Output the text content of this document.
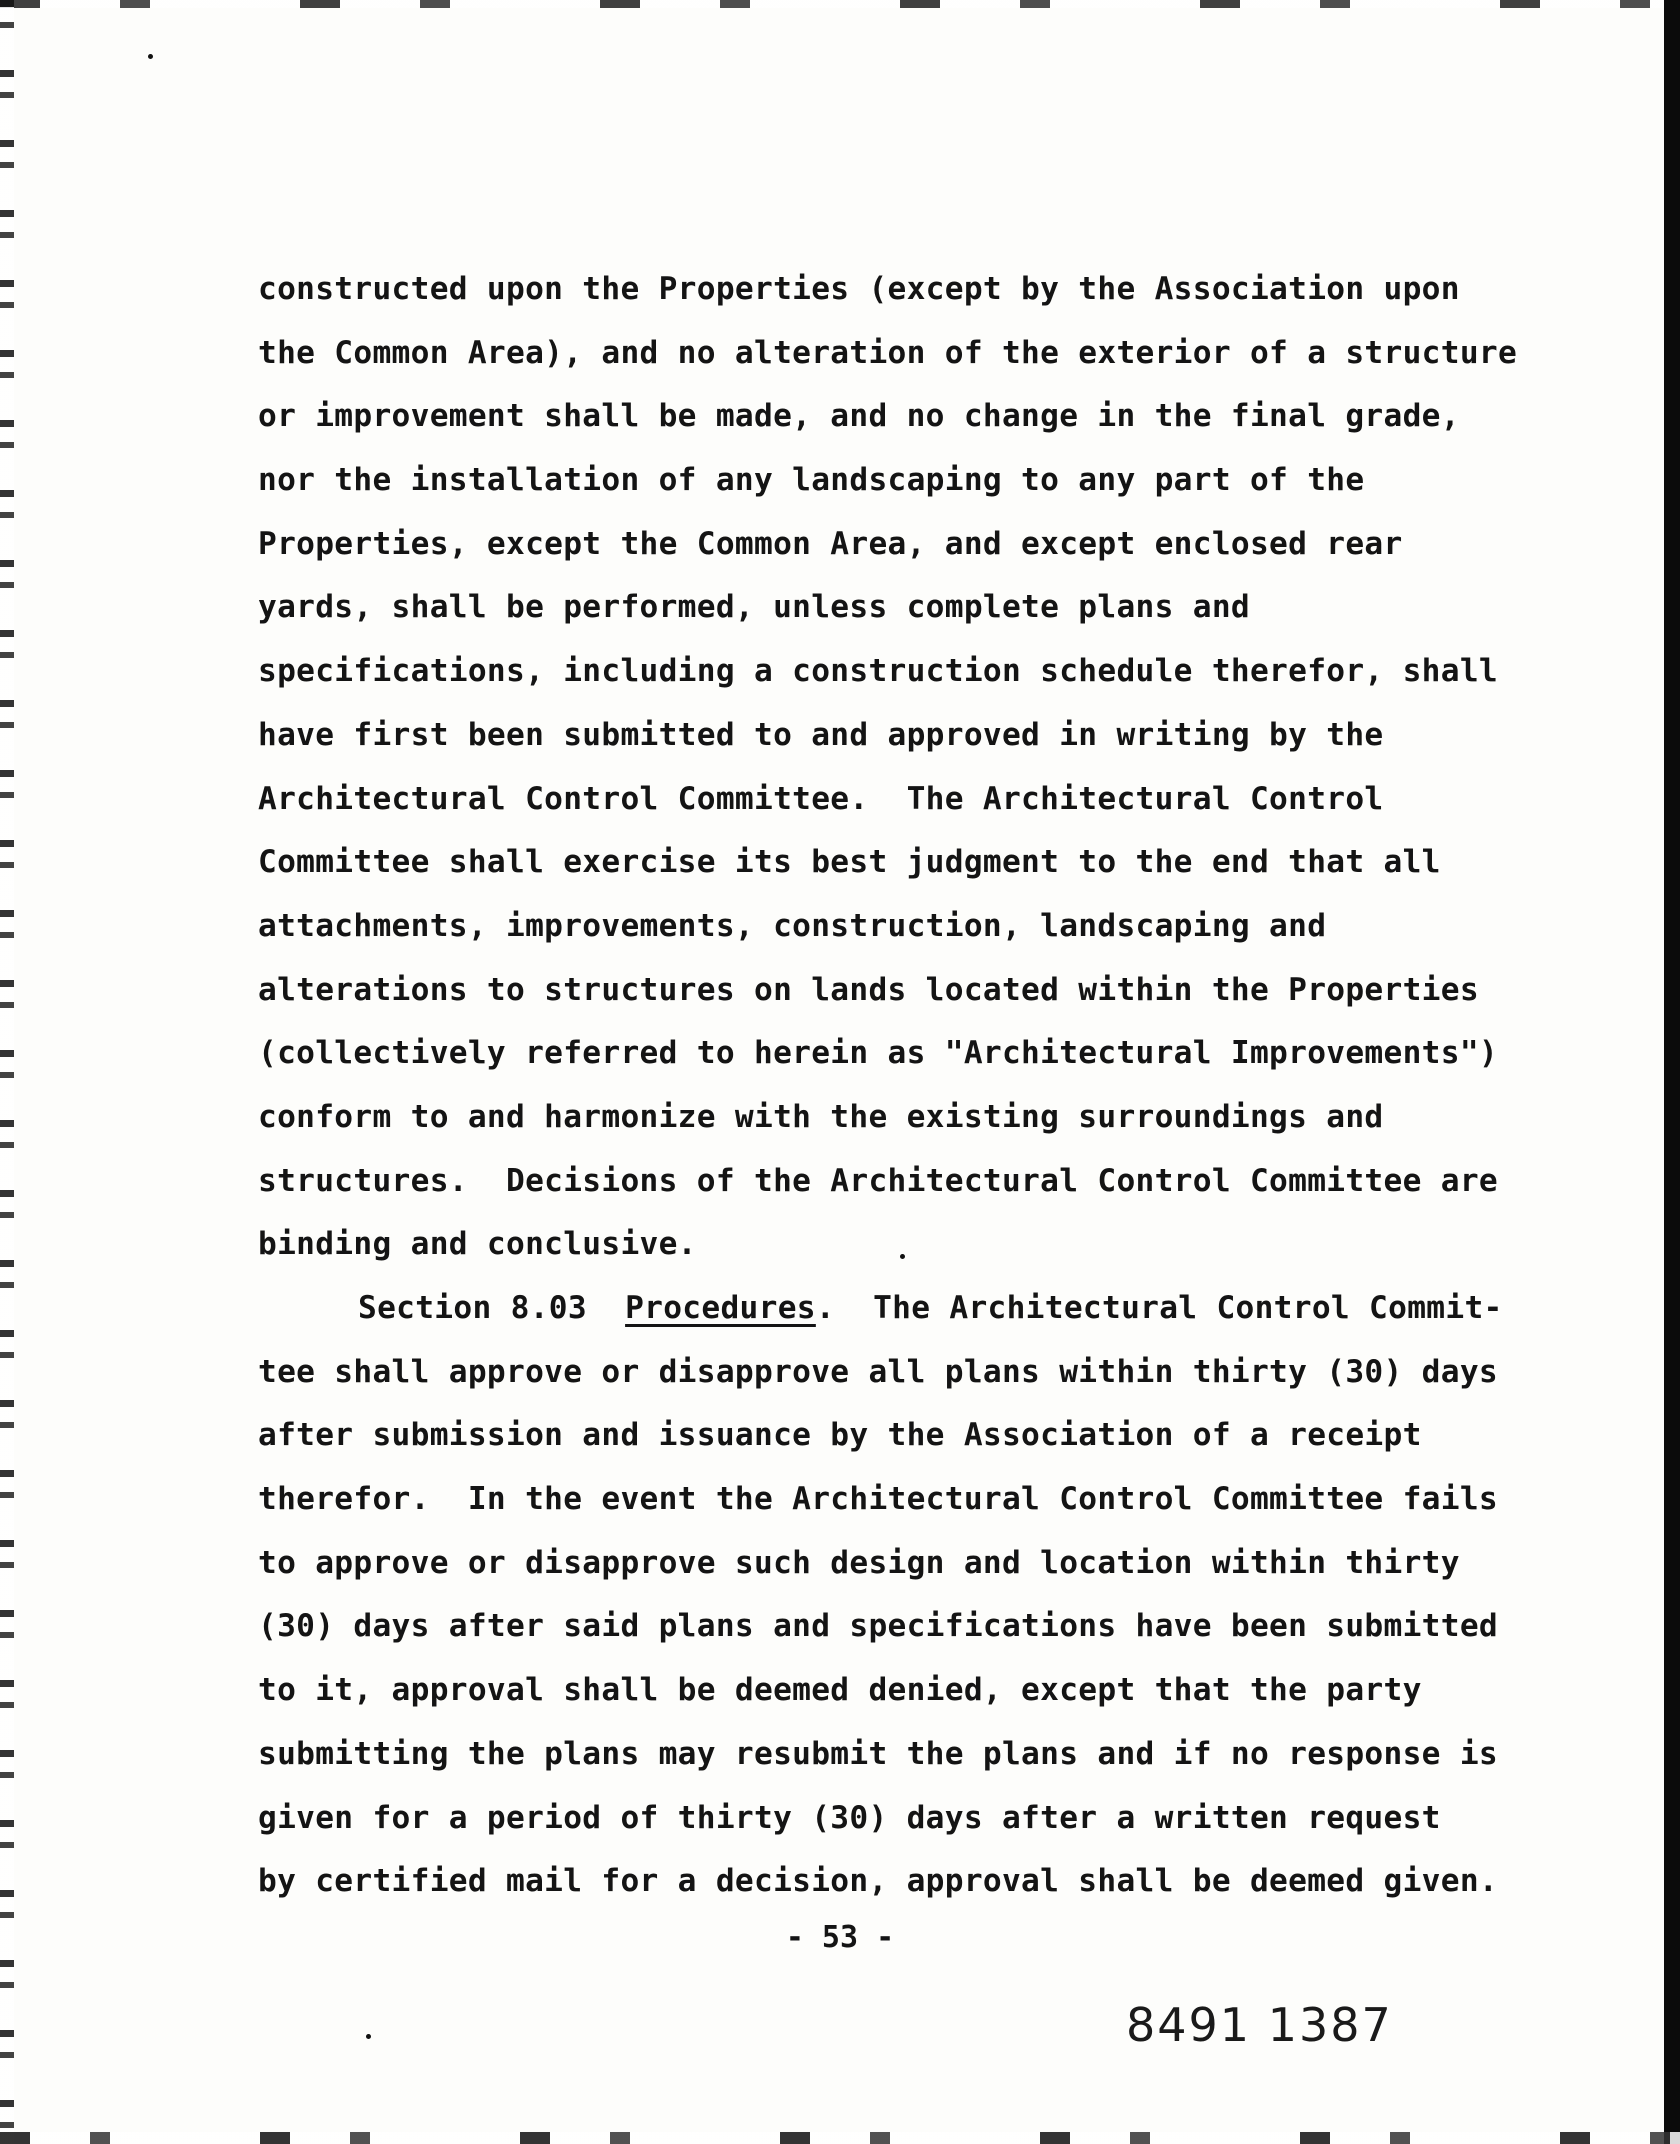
constructed upon the Properties (except by the Association upon
the Common Area), and no alteration of the exterior of a structure
or improvement shall be made, and no change in the final grade,
nor the installation of any landscaping to any part of the
Properties, except the Common Area, and except enclosed rear
yards, shall be performed, unless complete plans and
specifications, including a construction schedule therefor, shall
have first been submitted to and approved in writing by the
Architectural Control Committee.  The Architectural Control
Committee shall exercise its best judgment to the end that all
attachments, improvements, construction, landscaping and
alterations to structures on lands located within the Properties
(collectively referred to herein as "Architectural Improvements")
conform to and harmonize with the existing surroundings and
structures.  Decisions of the Architectural Control Committee are
binding and conclusive.
Section 8.03 Procedures.  The Architectural Control Commit-
tee shall approve or disapprove all plans within thirty (30) days
after submission and issuance by the Association of a receipt
therefor.  In the event the Architectural Control Committee fails
to approve or disapprove such design and location within thirty
(30) days after said plans and specifications have been submitted
to it, approval shall be deemed denied, except that the party
submitting the plans may resubmit the plans and if no response is
given for a period of thirty (30) days after a written request
by certified mail for a decision, approval shall be deemed given.
- 53 -
8491 1387
